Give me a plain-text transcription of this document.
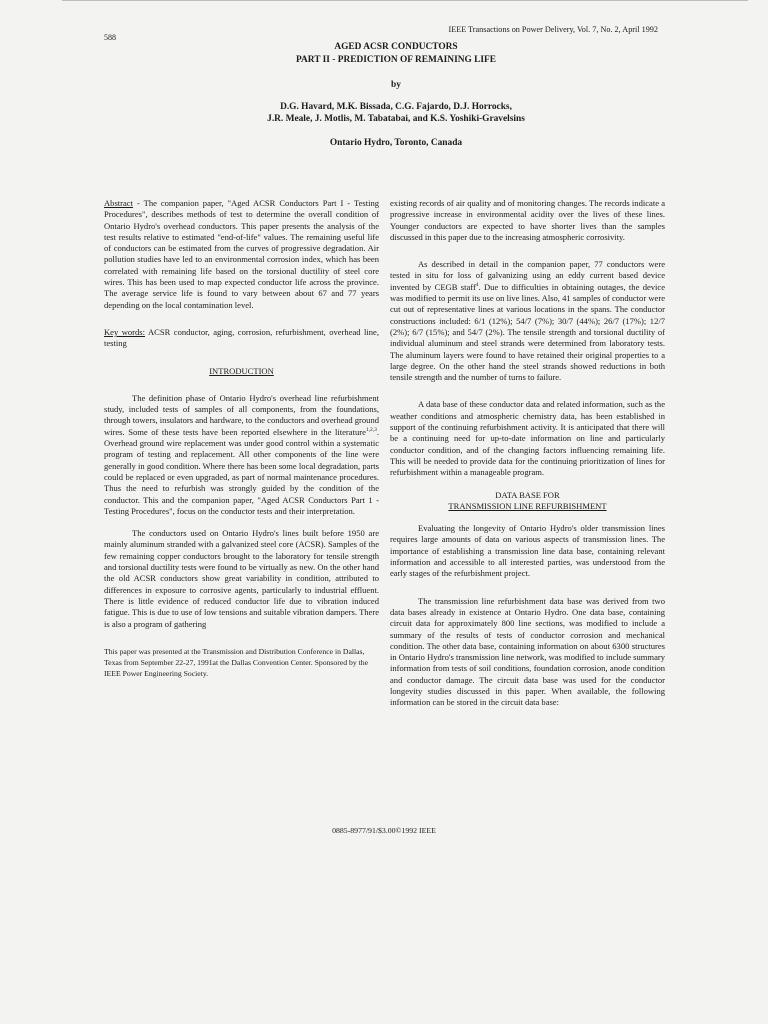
588
IEEE Transactions on Power Delivery, Vol. 7, No. 2, April 1992
AGED ACSR CONDUCTORS
PART II - PREDICTION OF REMAINING LIFE
by
D.G. Havard, M.K. Bissada, C.G. Fajardo, D.J. Horrocks,
J.R. Meale, J. Motlis, M. Tabatabai, and K.S. Yoshiki-Gravelsins
Ontario Hydro, Toronto, Canada

Abstract - The companion paper, "Aged ACSR Conductors Part I - Testing Procedures", describes methods of test to determine the overall condition of Ontario Hydro's overhead conductors. This paper presents the analysis of the test results relative to estimated "end-of-life" values. The remaining useful life of conductors can be estimated from the curves of progressive degradation. Air pollution studies have led to an environmental corrosion index, which has been correlated with remaining life based on the torsional ductility of steel core wires. This has been used to map expected conductor life across the province. The average service life is found to vary between about 67 and 77 years depending on the local contamination level.

Key words: ACSR conductor, aging, corrosion, refurbishment, overhead line, testing

INTRODUCTION

The definition phase of Ontario Hydro's overhead line refurbishment study, included tests of samples of all components, from the foundations, through towers, insulators and hardware, to the conductors and overhead ground wires. Some of these tests have been reported elsewhere in the literature$^{1,2,3}$. Overhead ground wire replacement was under good control within a systematic program of testing and replacement. All other components of the line were generally in good condition. Where there has been some local degradation, parts could be replaced or even upgraded, as part of normal maintenance procedures. Thus the need to refurbish was strongly guided by the condition of the conductor. This and the companion paper, "Aged ACSR Conductors Part 1 - Testing Procedures", focus on the conductor tests and their interpretation.

The conductors used on Ontario Hydro's lines built before 1950 are mainly aluminum stranded with a galvanized steel core (ACSR). Samples of the few remaining copper conductors brought to the laboratory for tensile strength and torsional ductility tests were found to be virtually as new. On the other hand the old ACSR conductors show great variability in condition, attributed to differences in exposure to corrosive agents, particularly to industrial effluent. There is little evidence of reduced conductor life due to vibration induced fatigue. This is due to use of low tensions and suitable vibration dampers. There is also a program of gathering

This paper was presented at the Transmission and Distribution Conference in Dallas, Texas from September 22-27, 1991at the Dallas Convention Center. Sponsored by the IEEE Power Engineering Society.

existing records of air quality and of monitoring changes. The records indicate a progressive increase in environmental acidity over the lives of these lines. Younger conductors are expected to have shorter lives than the samples discussed in this paper due to the increasing atmospheric corrosivity.

As described in detail in the companion paper, 77 conductors were tested in situ for loss of galvanizing using an eddy current based device invented by CEGB staff$^4$. Due to difficulties in obtaining outages, the device was modified to permit its use on live lines. Also, 41 samples of conductor were cut out of representative lines at various locations in the spans. The conductor constructions included: 6/1 (12%); 54/7 (7%); 30/7 (44%); 26/7 (17%); 12/7 (2%); 6/7 (15%); and 54/7 (2%). The tensile strength and torsional ductility of individual aluminum and steel strands were determined from laboratory tests. The aluminum layers were found to have retained their original properties to a large degree. On the other hand the steel strands showed reductions in both tensile strength and the number of turns to failure.

A data base of these conductor data and related information, such as the weather conditions and atmospheric chemistry data, has been established in support of the continuing refurbishment activity. It is anticipated that there will be a continuing need for up-to-date information on line and particularly conductor condition, and of the changing factors influencing remaining life. This will be needed to provide data for the continuing prioritization of lines for refurbishment within a manageable program.

DATA BASE FOR

TRANSMISSION LINE REFURBISHMENT

Evaluating the longevity of Ontario Hydro's older transmission lines requires large amounts of data on various aspects of transmission lines. The importance of establishing a transmission line data base, containing relevant information and accessible to all interested parties, was understood from the early stages of the refurbishment project.

The transmission line refurbishment data base was derived from two data bases already in existence at Ontario Hydro. One data base, containing circuit data for approximately 800 line sections, was modified to include a summary of the results of tests of conductor corrosion and mechanical condition. The other data base, containing information on about 6300 structures in Ontario Hydro's transmission line network, was modified to include summary information from tests of soil conditions, foundation corrosion, anode condition and conductor damage. The circuit data base was used for the conductor longevity studies discussed in this paper. When available, the following information can be stored in the circuit data base:

0885-8977/91/$3.00©1992 IEEE
